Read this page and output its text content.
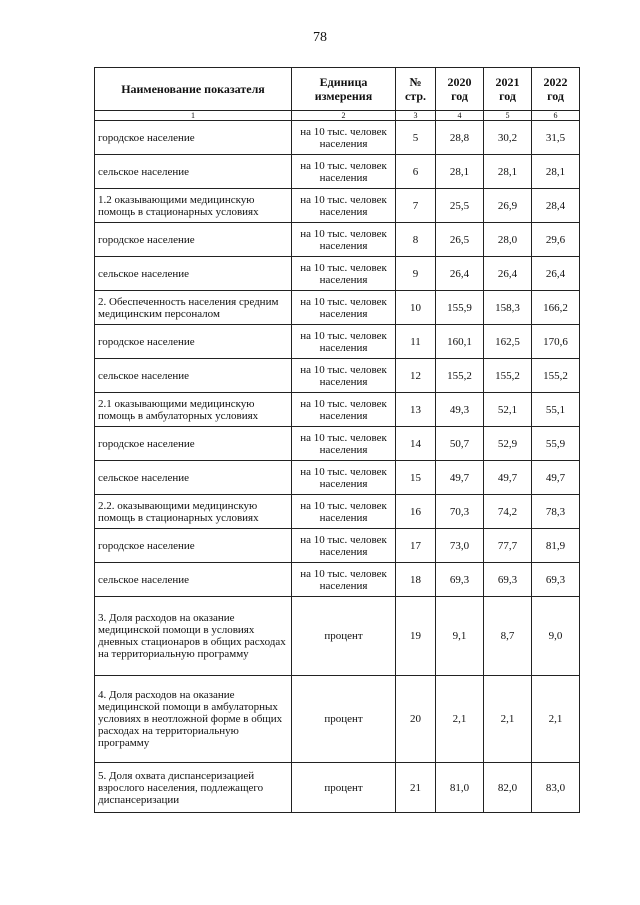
78
Наименование показателя	Единица измерения	№ стр.	2020 год	2021 год	2022 год
1	2	3	4	5	6
городское население	на 10 тыс. человек населения	5	28,8	30,2	31,5
сельское население	на 10 тыс. человек населения	6	28,1	28,1	28,1
1.2 оказывающими медицинскую помощь в стационарных условиях	на 10 тыс. человек населения	7	25,5	26,9	28,4
городское население	на 10 тыс. человек населения	8	26,5	28,0	29,6
сельское население	на 10 тыс. человек населения	9	26,4	26,4	26,4
2. Обеспеченность населения средним медицинским персоналом	на 10 тыс. человек населения	10	155,9	158,3	166,2
городское население	на 10 тыс. человек населения	11	160,1	162,5	170,6
сельское население	на 10 тыс. человек населения	12	155,2	155,2	155,2
2.1 оказывающими медицинскую помощь в амбулаторных условиях	на 10 тыс. человек населения	13	49,3	52,1	55,1
городское население	на 10 тыс. человек населения	14	50,7	52,9	55,9
сельское население	на 10 тыс. человек населения	15	49,7	49,7	49,7
2.2. оказывающими медицинскую помощь в стационарных условиях	на 10 тыс. человек населения	16	70,3	74,2	78,3
городское население	на 10 тыс. человек населения	17	73,0	77,7	81,9
сельское население	на 10 тыс. человек населения	18	69,3	69,3	69,3
3. Доля расходов на оказание медицинской помощи в условиях дневных стационаров в общих расходах на территориальную программу	процент	19	9,1	8,7	9,0
4. Доля расходов на оказание медицинской помощи в амбулаторных условиях в неотложной форме в общих расходах на территориальную программу	процент	20	2,1	2,1	2,1
5. Доля охвата диспансеризацией взрослого населения, подлежащего диспансеризации	процент	21	81,0	82,0	83,0
